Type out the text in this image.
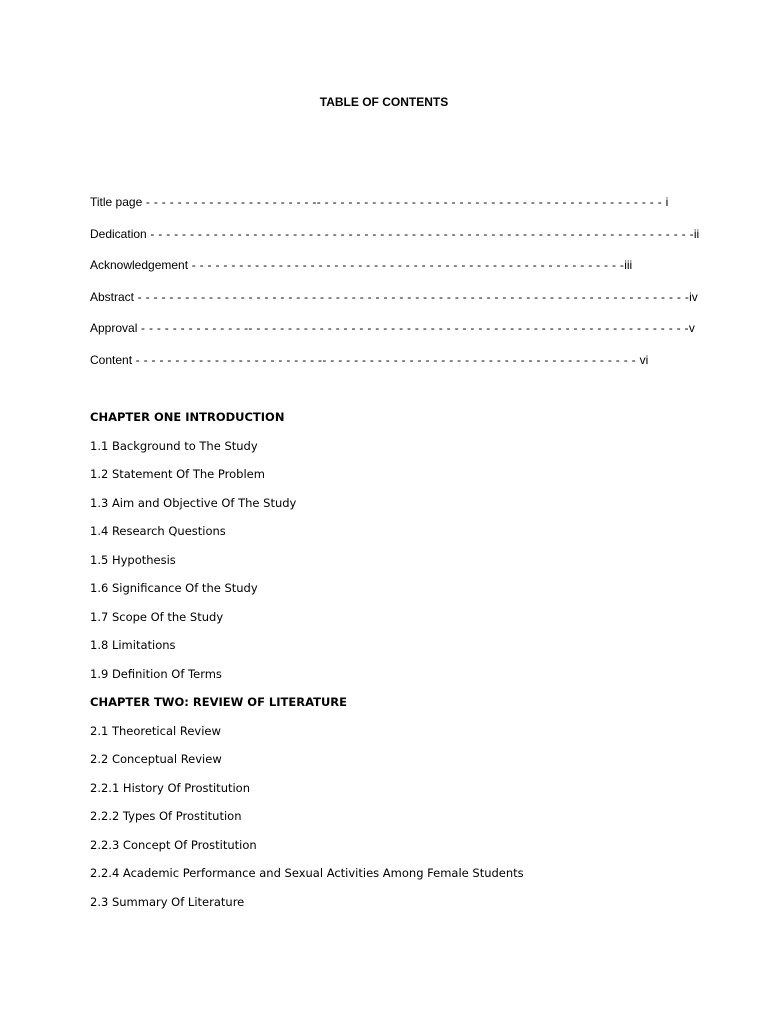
TABLE OF CONTENTS
Title page - - - - - - - - - - - - - - - - - - - - - -- - - - - - - - - - - - - - - - - - - - - - - - - - - - - - - - - - - - - - - - - - - - i
Dedication - - - - - - - - - - - - - - - - - - - - - - - - - - - - - - - - - - - - - - - - - - - - - - - - - - - - - - - - - - - - - - - - - - - - -ii
Acknowledgement - - - - - - - - - - - - - - - - - - - - - - - - - - - - - - - - - - - - - - - - - - - - - - - - - - - - - - -iii
Abstract - - - - - - - - - - - - - - - - - - - - - - - - - - - - - - - - - - - - - - - - - - - - - - - - - - - - - - - - - - - - - - - - - - - - - -iv
Approval - - - - - - - - - - - - - -- - - - - - - - - - - - - - - - - - - - - - - - - - - - - - - - - - - - - - - - - - - - - - - - - - - - - - - -v
Content - - - - - - - - - - - - - - - - - - - - - - - -- - - - - - - - - - - - - - - - - - - - - - - - - - - - - - - - - - - - - - - - vi
CHAPTER ONE INTRODUCTION
1.1 Background to The Study
1.2 Statement Of The Problem
1.3 Aim and Objective Of The Study
1.4 Research Questions
1.5 Hypothesis
1.6 Significance Of the Study
1.7 Scope Of the Study
1.8 Limitations
1.9 Definition Of Terms
CHAPTER TWO: REVIEW OF LITERATURE
2.1 Theoretical Review
2.2 Conceptual Review
2.2.1 History Of Prostitution
2.2.2 Types Of Prostitution
2.2.3 Concept Of Prostitution
2.2.4 Academic Performance and Sexual Activities Among Female Students
2.3 Summary Of Literature
